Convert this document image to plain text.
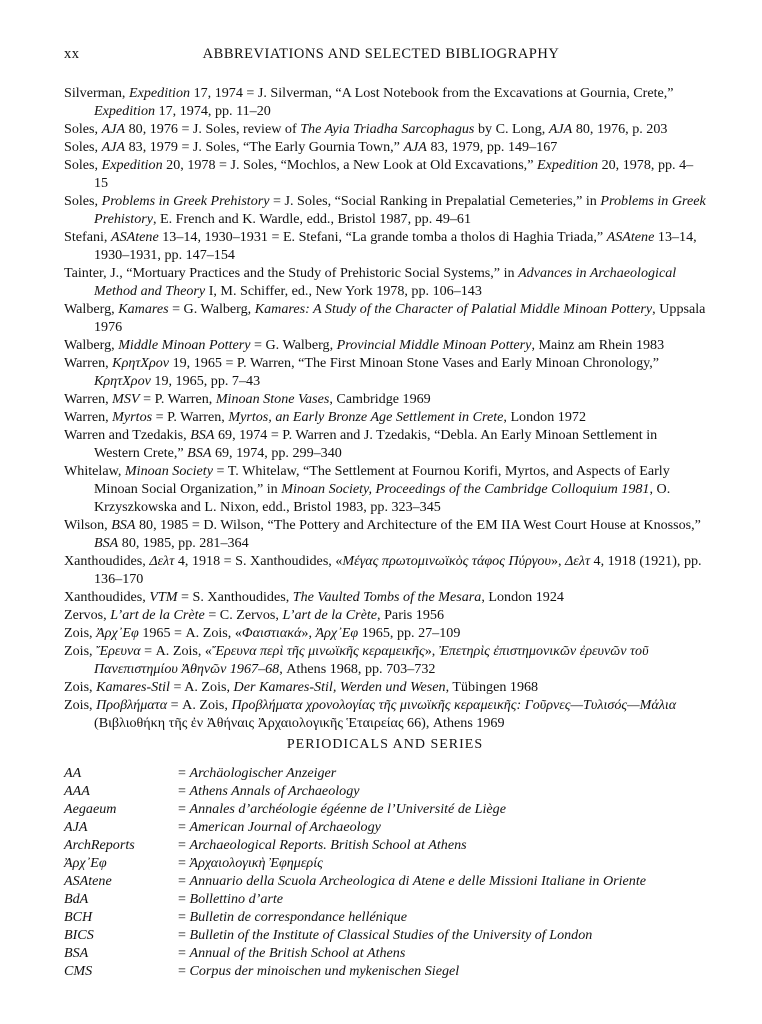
xx	ABBREVIATIONS AND SELECTED BIBLIOGRAPHY

Silverman, Expedition 17, 1974 = J. Silverman, “A Lost Notebook from the Excavations at Gournia, Crete,” Expedition 17, 1974, pp. 11–20

Soles, AJA 80, 1976 = J. Soles, review of The Ayia Triadha Sarcophagus by C. Long, AJA 80, 1976, p. 203

Soles, AJA 83, 1979 = J. Soles, “The Early Gournia Town,” AJA 83, 1979, pp. 149–167

Soles, Expedition 20, 1978 = J. Soles, “Mochlos, a New Look at Old Excavations,” Expedition 20, 1978, pp. 4–15

Soles, Problems in Greek Prehistory = J. Soles, “Social Ranking in Prepalatial Cemeteries,” in Problems in Greek Prehistory, E. French and K. Wardle, edd., Bristol 1987, pp. 49–61

Stefani, ASAtene 13–14, 1930–1931 = E. Stefani, “La grande tomba a tholos di Haghia Triada,” ASAtene 13–14, 1930–1931, pp. 147–154

Tainter, J., “Mortuary Practices and the Study of Prehistoric Social Systems,” in Advances in Archaeological Method and Theory I, M. Schiffer, ed., New York 1978, pp. 106–143

Walberg, Kamares = G. Walberg, Kamares: A Study of the Character of Palatial Middle Minoan Pottery, Uppsala 1976

Walberg, Middle Minoan Pottery = G. Walberg, Provincial Middle Minoan Pottery, Mainz am Rhein 1983

Warren, ΚρητΧρον 19, 1965 = P. Warren, “The First Minoan Stone Vases and Early Minoan Chronology,” ΚρητΧρον 19, 1965, pp. 7–43

Warren, MSV = P. Warren, Minoan Stone Vases, Cambridge 1969

Warren, Myrtos = P. Warren, Myrtos, an Early Bronze Age Settlement in Crete, London 1972

Warren and Tzedakis, BSA 69, 1974 = P. Warren and J. Tzedakis, “Debla. An Early Minoan Settlement in Western Crete,” BSA 69, 1974, pp. 299–340

Whitelaw, Minoan Society = T. Whitelaw, “The Settlement at Fournou Korifi, Myrtos, and Aspects of Early Minoan Social Organization,” in Minoan Society, Proceedings of the Cambridge Colloquium 1981, O. Krzyszkowska and L. Nixon, edd., Bristol 1983, pp. 323–345

Wilson, BSA 80, 1985 = D. Wilson, “The Pottery and Architecture of the EM IIA West Court House at Knossos,” BSA 80, 1985, pp. 281–364

Xanthoudides, Δελτ 4, 1918 = S. Xanthoudides, «Μέγας πρωτομινωϊκὸς τάφος Πύργου», Δελτ 4, 1918 (1921), pp. 136–170

Xanthoudides, VTM = S. Xanthoudides, The Vaulted Tombs of the Mesara, London 1924

Zervos, L’art de la Crète = C. Zervos, L’art de la Crète, Paris 1956

Zois, Ἀρχ᾽Εφ 1965 = A. Zois, «Φαιστιακά», Ἀρχ᾽Εφ 1965, pp. 27–109

Zois, Ἔρευνα = A. Zois, «Ἔρευνα περὶ τῆς μινωϊκῆς κεραμεικῆς», Ἐπετηρὶς ἐπιστημονικῶν ἐρευνῶν τοῦ Πανεπιστημίου Ἀθηνῶν 1967–68, Athens 1968, pp. 703–732

Zois, Kamares-Stil = A. Zois, Der Kamares-Stil, Werden und Wesen, Tübingen 1968

Zois, Προβλήματα = A. Zois, Προβλήματα χρονολογίας τῆς μινωϊκῆς κεραμεικῆς: Γοῦρνες—Τυλισός—Μάλια (Βιβλιοθήκη τῆς ἐν Ἀθήναις Ἀρχαιολογικῆς Ἑταιρείας 66), Athens 1969

PERIODICALS AND SERIES
AA	= Archäologischer Anzeiger
AAA	= Athens Annals of Archaeology
Aegaeum	= Annales d’archéologie égéenne de l’Université de Liège
AJA	= American Journal of Archaeology
ArchReports	= Archaeological Reports. British School at Athens
Ἀρχ᾽Εφ	= Ἀρχαιολογικὴ Ἐφημερίς
ASAtene	= Annuario della Scuola Archeologica di Atene e delle Missioni Italiane in Oriente
BdA	= Bollettino d’arte
BCH	= Bulletin de correspondance hellénique
BICS	= Bulletin of the Institute of Classical Studies of the University of London
BSA	= Annual of the British School at Athens
CMS	= Corpus der minoischen und mykenischen Siegel
